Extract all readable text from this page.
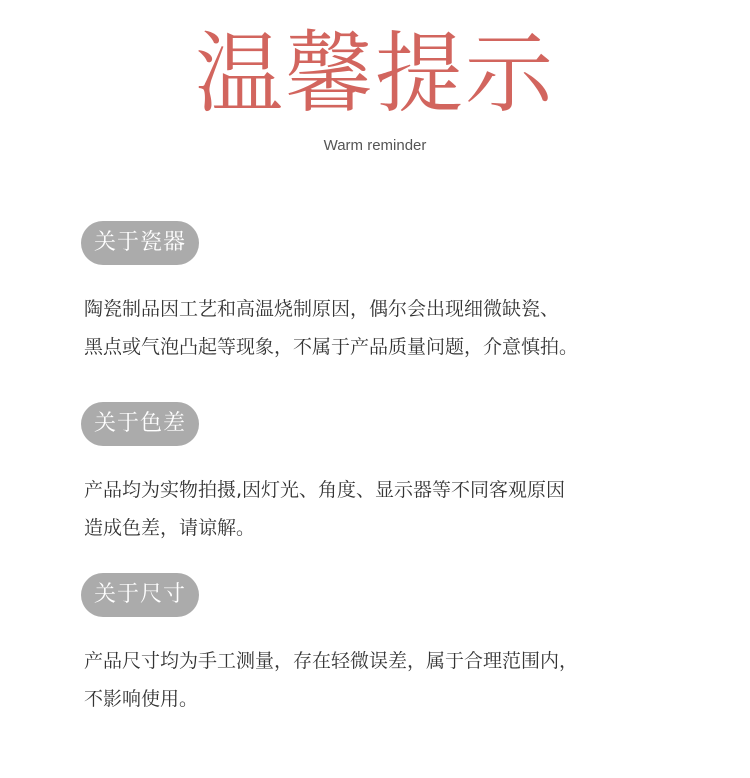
温馨提示

Warm reminder

关于瓷器

陶瓷制品因工艺和高温烧制原因，偶尔会出现细微缺瓷、
黑点或气泡凸起等现象，不属于产品质量问题，介意慎拍。

关于色差

产品均为实物拍摄,因灯光、角度、显示器等不同客观原因
造成色差，请谅解。

关于尺寸

产品尺寸均为手工测量，存在轻微误差，属于合理范围内，
不影响使用。
